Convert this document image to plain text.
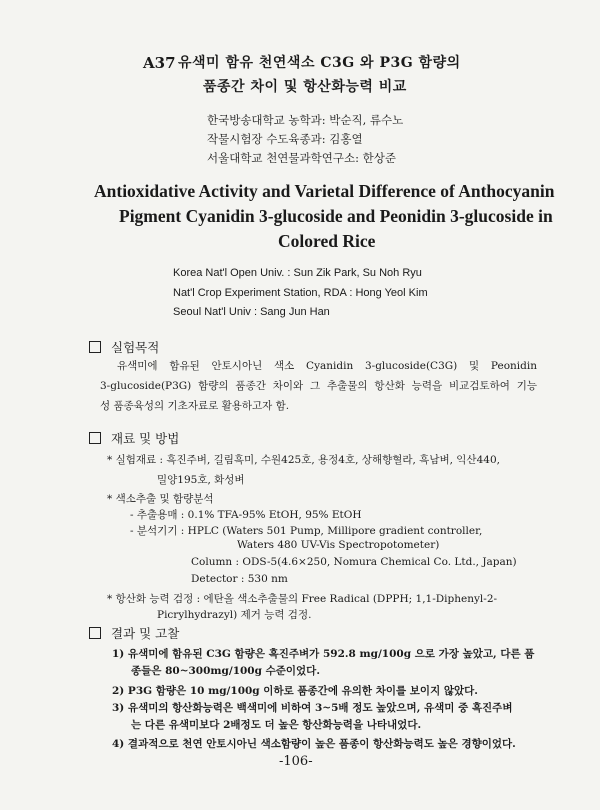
A37 유색미 함유 천연색소 C3G 와 P3G 함량의
품종간 차이 및 항산화능력 비교
한국방송대학교 농학과: 박순직, 류수노
작물시험장 수도육종과: 김홍열
서울대학교 천연물과학연구소: 한상준
Antioxidative Activity and Varietal Difference of Anthocyanin
Pigment Cyanidin 3-glucoside and Peonidin 3-glucoside in
Colored Rice
Korea Nat'l Open Univ. : Sun Zik Park, Su Noh Ryu
Nat'l Crop Experiment Station, RDA : Hong Yeol Kim
Seoul Nat'l Univ : Sang Jun Han
실험목적
유색미에 함유된 안토시아닌 색소 Cyanidin 3-glucoside(C3G) 및 Peonidin
3-glucoside(P3G) 함량의 품종간 차이와 그 추출물의 항산화 능력을 비교검토하여 기능
성 품종육성의 기초자료로 활용하고자 함.
재료 및 방법
* 실험재료 : 흑진주벼, 길림흑미, 수원425호, 용정4호, 상해향혈라, 흑남벼, 익산440,
밀양195호, 화성벼
* 색소추출 및 함량분석
- 추출용매 : 0.1% TFA-95% EtOH, 95% EtOH
- 분석기기 : HPLC (Waters 501 Pump, Millipore gradient controller,
Waters 480 UV-Vis Spectropotometer)
Column : ODS-5(4.6×250, Nomura Chemical Co. Ltd., Japan)
Detector : 530 nm
* 항산화 능력 검정 : 에탄올 색소추출물의 Free Radical (DPPH; 1,1-Diphenyl-2-
Picrylhydrazyl) 제거 능력 검정.
결과 및 고찰
1) 유색미에 함유된 C3G 함량은 흑진주벼가 592.8 mg/100g 으로 가장 높았고, 다른 품
종들은 80~300mg/100g 수준이었다.
2) P3G 함량은 10 mg/100g 이하로 품종간에 유의한 차이를 보이지 않았다.
3) 유색미의 항산화능력은 백색미에 비하여 3~5배 정도 높았으며, 유색미 중 흑진주벼
는 다른 유색미보다 2배정도 더 높은 항산화능력을 나타내었다.
4) 결과적으로 천연 안토시아닌 색소함량이 높은 품종이 항산화능력도 높은 경향이었다.
-106-
